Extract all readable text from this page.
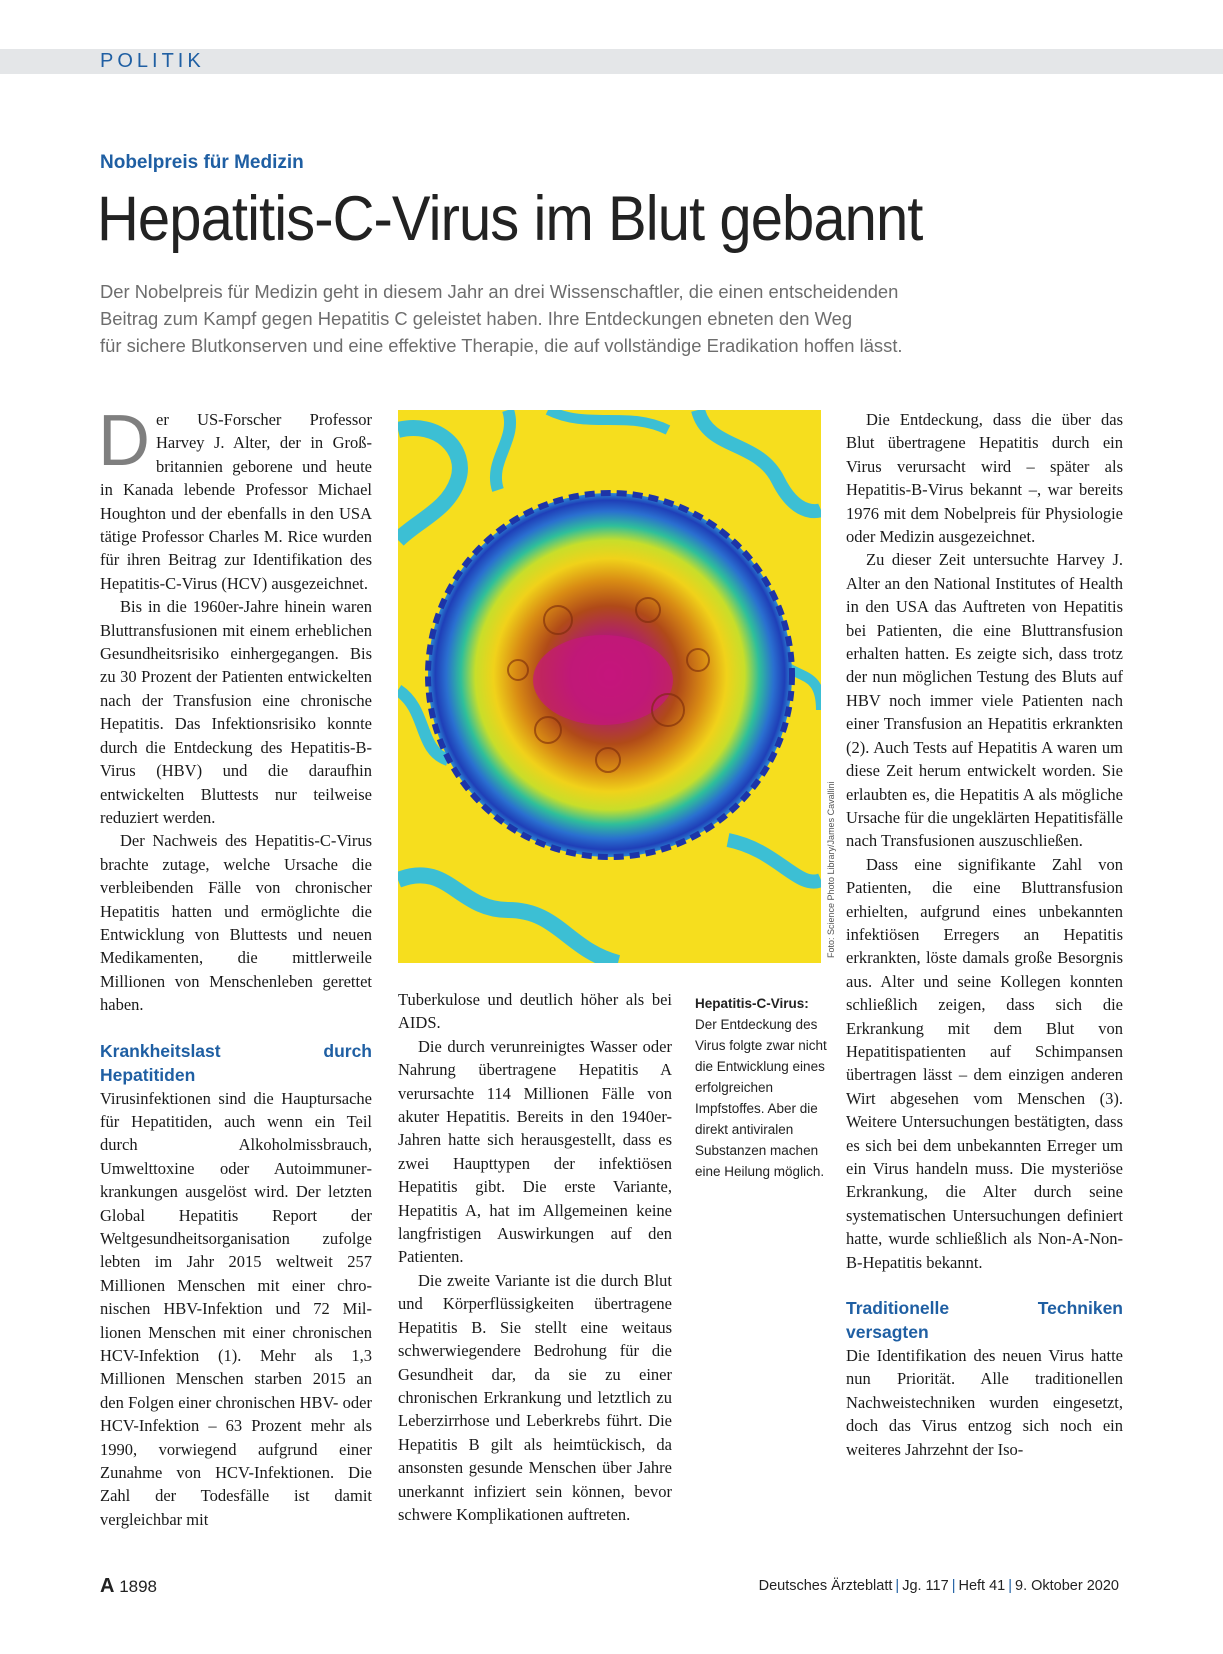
POLITIK
Nobelpreis für Medizin
Hepatitis-C-Virus im Blut gebannt
Der Nobelpreis für Medizin geht in diesem Jahr an drei Wissenschaftler, die einen entscheidenden
Beitrag zum Kampf gegen Hepatitis C geleistet haben. Ihre Entdeckungen ebneten den Weg
für sichere Blutkonserven und eine effektive Therapie, die auf vollständige Eradikation hoffen lässt.

Der US-Forscher Professor Harvey J. Alter, der in Großbritannien geborene und heute in Kanada lebende Professor Michael Houghton und der ebenfalls in den USA tätige Professor Charles M. Rice wurden für ihren Beitrag zur Identifikation des Hepatitis-C-Virus (HCV) ausgezeichnet.

Bis in die 1960er-Jahre hinein waren Bluttransfusionen mit einem erheblichen Gesundheitsrisiko einhergegangen. Bis zu 30 Prozent der Patienten entwickelten nach der Transfusion eine chronische Hepatitis. Das Infektionsrisiko konnte durch die Entdeckung des Hepatitis-B-Virus (HBV) und die daraufhin entwickelten Bluttests nur teilweise reduziert werden.

Der Nachweis des Hepatitis-C-Virus brachte zutage, welche Ursache die verbleibenden Fälle von chronischer Hepatitis hatten und ermöglichte die Entwicklung von Bluttests und neuen Medikamenten, die mittlerweile Millionen von Menschenleben gerettet haben.

Krankheitslast durch Hepatitiden

Virusinfektionen sind die Hauptursache für Hepatitiden, auch wenn ein Teil durch Alkoholmissbrauch, Umwelttoxine oder Autoimmunerkrankungen ausgelöst wird. Der letzten Global Hepatitis Report der Weltgesundheitsorganisation zufolge lebten im Jahr 2015 weltweit 257 Millionen Menschen mit einer chronischen HBV-Infektion und 72 Millionen Menschen mit einer chronischen HCV-Infektion (1). Mehr als 1,3 Millionen Menschen starben 2015 an den Folgen einer chronischen HBV- oder HCV-Infektion – 63 Prozent mehr als 1990, vorwiegend aufgrund einer Zunahme von HCV-Infektionen. Die Zahl der Todesfälle ist damit vergleichbar mit

Foto: Science Photo Library/James Cavallini

Tuberkulose und deutlich höher als bei AIDS.

Die durch verunreinigtes Wasser oder Nahrung übertragene Hepatitis A verursachte 114 Millionen Fälle von akuter Hepatitis. Bereits in den 1940er-Jahren hatte sich herausgestellt, dass es zwei Haupttypen der infektiösen Hepatitis gibt. Die erste Variante, Hepatitis A, hat im Allgemeinen keine langfristigen Auswirkungen auf den Patienten.

Die zweite Variante ist die durch Blut und Körperflüssigkeiten übertragene Hepatitis B. Sie stellt eine weitaus schwerwiegendere Bedrohung für die Gesundheit dar, da sie zu einer chronischen Erkrankung und letztlich zu Leberzirrhose und Leberkrebs führt. Die Hepatitis B gilt als heimtückisch, da ansonsten gesunde Menschen über Jahre unerkannt infiziert sein können, bevor schwere Komplikationen auftreten.

Hepatitis-C-Virus:
Der Entdeckung des Virus folgte zwar nicht die Entwicklung eines erfolgreichen Impfstoffes. Aber die direkt antiviralen Substanzen machen eine Heilung möglich.

Die Entdeckung, dass die über das Blut übertragene Hepatitis durch ein Virus verursacht wird – später als Hepatitis-B-Virus bekannt –, war bereits 1976 mit dem Nobelpreis für Physiologie oder Medizin ausgezeichnet.

Zu dieser Zeit untersuchte Harvey J. Alter an den National Institutes of Health in den USA das Auftreten von Hepatitis bei Patienten, die eine Bluttransfusion erhalten hatten. Es zeigte sich, dass trotz der nun möglichen Testung des Bluts auf HBV noch immer viele Patienten nach einer Transfusion an Hepatitis erkrankten (2). Auch Tests auf Hepatitis A waren um diese Zeit herum entwickelt worden. Sie erlaubten es, die Hepatitis A als mögliche Ursache für die ungeklärten Hepatitisfälle nach Transfusionen auszuschließen.

Dass eine signifikante Zahl von Patienten, die eine Bluttransfusion erhielten, aufgrund eines unbekannten infektiösen Erregers an Hepatitis erkrankten, löste damals große Besorgnis aus. Alter und seine Kollegen konnten schließlich zeigen, dass sich die Erkrankung mit dem Blut von Hepatitispatienten auf Schimpansen übertragen lässt – dem einzigen anderen Wirt abgesehen vom Menschen (3). Weitere Untersuchungen bestätigten, dass es sich bei dem unbekannten Erreger um ein Virus handeln muss. Die mysteriöse Erkrankung, die Alter durch seine systematischen Untersuchungen definiert hatte, wurde schließlich als Non-A-Non-B-Hepatitis bekannt.

Traditionelle Techniken versagten

Die Identifikation des neuen Virus hatte nun Priorität. Alle traditionellen Nachweistechniken wurden eingesetzt, doch das Virus entzog sich noch ein weiteres Jahrzehnt der Iso-

A 1898	Deutsches Ärzteblatt | Jg. 117 | Heft 41 | 9. Oktober 2020
